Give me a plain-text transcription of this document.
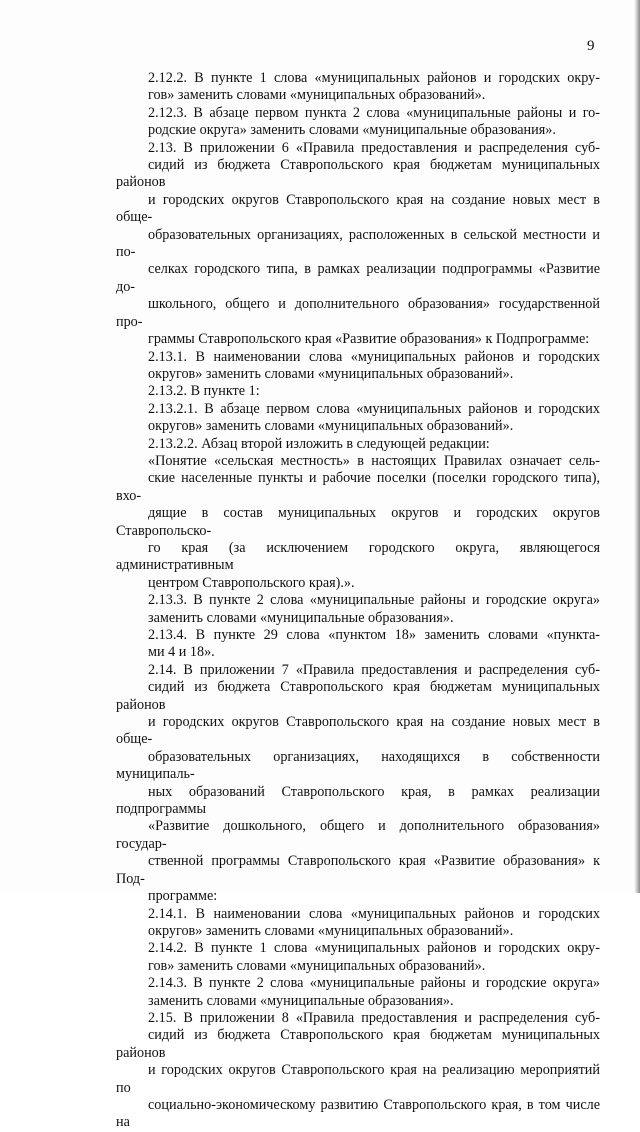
9

2.12.2. В пункте 1 слова «муниципальных районов и городских окру-
гов» заменить словами «муниципальных образований».

2.12.3. В абзаце первом пункта 2 слова «муниципальные районы и го-
родские округа» заменить словами «муниципальные образования».

2.13. В приложении 6 «Правила предоставления и распределения суб-
сидий из бюджета Ставропольского края бюджетам муниципальных районов
и городских округов Ставропольского края на создание новых мест в обще-
образовательных организациях, расположенных в сельской местности и по-
селках городского типа, в рамках реализации подпрограммы «Развитие до-
школьного, общего и дополнительного образования» государственной про-
граммы Ставропольского края «Развитие образования» к Подпрограмме:

2.13.1. В наименовании слова «муниципальных районов и городских
округов» заменить словами «муниципальных образований».

2.13.2. В пункте 1:

2.13.2.1. В абзаце первом слова «муниципальных районов и городских
округов» заменить словами «муниципальных образований».

2.13.2.2. Абзац второй изложить в следующей редакции:

«Понятие «сельская местность» в настоящих Правилах означает сель-
ские населенные пункты и рабочие поселки (поселки городского типа), вхо-
дящие в состав муниципальных округов и городских округов Ставропольско-
го края (за исключением городского округа, являющегося административным
центром Ставропольского края).».

2.13.3. В пункте 2 слова «муниципальные районы и городские округа»
заменить словами «муниципальные образования».

2.13.4. В пункте 29 слова «пунктом 18» заменить словами «пункта-
ми 4 и 18».

2.14. В приложении 7 «Правила предоставления и распределения суб-
сидий из бюджета Ставропольского края бюджетам муниципальных районов
и городских округов Ставропольского края на создание новых мест в обще-
образовательных организациях, находящихся в собственности муниципаль-
ных образований Ставропольского края, в рамках реализации подпрограммы
«Развитие дошкольного, общего и дополнительного образования» государ-
ственной программы Ставропольского края «Развитие образования» к Под-
программе:

2.14.1. В наименовании слова «муниципальных районов и городских
округов» заменить словами «муниципальных образований».

2.14.2. В пункте 1 слова «муниципальных районов и городских окру-
гов» заменить словами «муниципальных образований».

2.14.3. В пункте 2 слова «муниципальные районы и городские округа»
заменить словами «муниципальные образования».

2.15. В приложении 8 «Правила предоставления и распределения суб-
сидий из бюджета Ставропольского края бюджетам муниципальных районов
и городских округов Ставропольского края на реализацию мероприятий по
социально-экономическому развитию Ставропольского края, в том числе на
